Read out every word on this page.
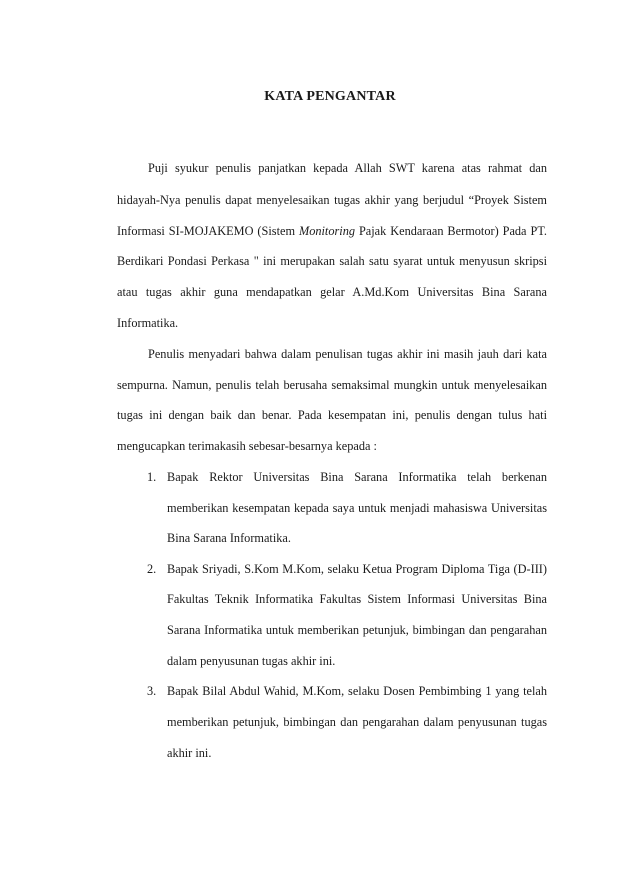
KATA PENGANTAR
Puji syukur penulis panjatkan kepada Allah SWT karena atas rahmat dan
hidayah-Nya penulis dapat menyelesaikan tugas akhir yang berjudul “Proyek Sistem
Informasi SI-MOJAKEMO (Sistem Monitoring Pajak Kendaraan Bermotor) Pada PT.
Berdikari Pondasi Perkasa " ini merupakan salah satu syarat untuk menyusun skripsi
atau tugas akhir guna mendapatkan gelar A.Md.Kom Universitas Bina Sarana
Informatika.
Penulis menyadari bahwa dalam penulisan tugas akhir ini masih jauh dari kata
sempurna. Namun, penulis telah berusaha semaksimal mungkin untuk menyelesaikan
tugas ini dengan baik dan benar. Pada kesempatan ini, penulis dengan tulus hati
mengucapkan terimakasih sebesar-besarnya kepada :
1. Bapak Rektor Universitas Bina Sarana Informatika telah berkenan
memberikan kesempatan kepada saya untuk menjadi mahasiswa Universitas
Bina Sarana Informatika.
2. Bapak Sriyadi, S.Kom M.Kom, selaku Ketua Program Diploma Tiga (D-III)
Fakultas Teknik Informatika Fakultas Sistem Informasi Universitas Bina
Sarana Informatika untuk memberikan petunjuk, bimbingan dan pengarahan
dalam penyusunan tugas akhir ini.
3. Bapak Bilal Abdul Wahid, M.Kom, selaku Dosen Pembimbing 1 yang telah
memberikan petunjuk, bimbingan dan pengarahan dalam penyusunan tugas
akhir ini.
